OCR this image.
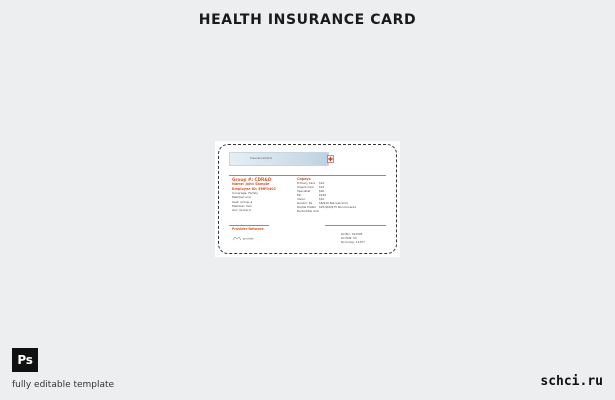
HEALTH INSURANCE CARD
InsuranceCard
Group #: CDR&D
Name: John Sample
Employee ID: EMP0401
Coverage: Family
Member:one
Asst: Group a
Member: two
Asc: Group b
Copays
Primary Care	$10
Urgent Care	$15
Specialist	$40
ER	$150
Vision	$10
Generic Rx	$8/$10 Net Generics
Dental Preferr $25/$60/$75 Non-Covered
Deductible Amt
Provider Network
provider
Rx Bin: 012345
Rx PCN: 54
Rx Group: 11337
Ps
fully editable template	schci.ru
